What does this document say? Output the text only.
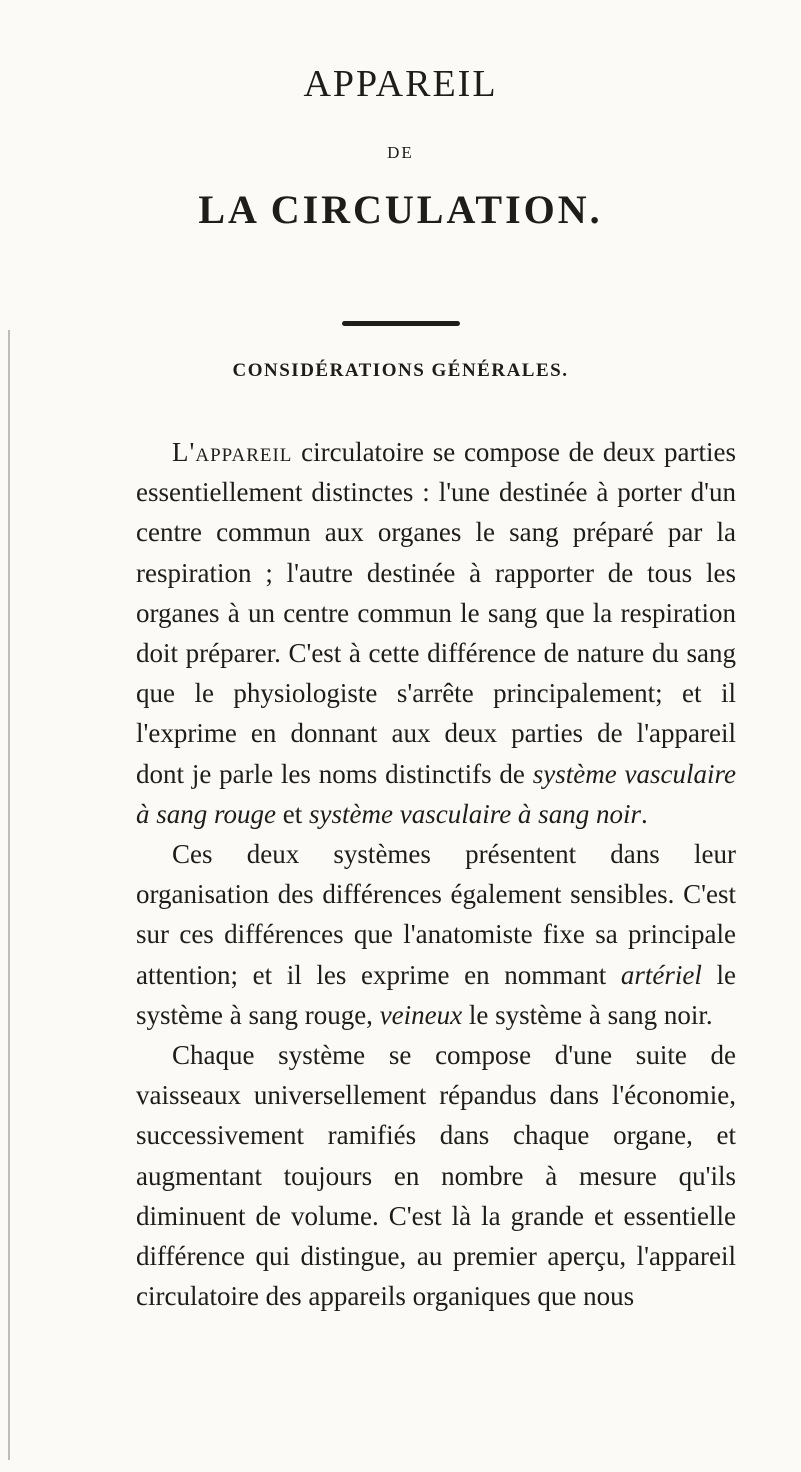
APPAREIL
DE
LA CIRCULATION.
CONSIDÉRATIONS GÉNÉRALES.

L'appareil circulatoire se compose de deux parties essentiellement distinctes : l'une destinée à porter d'un centre commun aux organes le sang préparé par la respiration ; l'autre destinée à rapporter de tous les organes à un centre commun le sang que la respiration doit préparer. C'est à cette différence de nature du sang que le physiologiste s'arrête principalement; et il l'exprime en donnant aux deux parties de l'appareil dont je parle les noms distinctifs de système vasculaire à sang rouge et système vasculaire à sang noir.

Ces deux systèmes présentent dans leur organisation des différences également sensibles. C'est sur ces différences que l'anatomiste fixe sa principale attention; et il les exprime en nommant artériel le système à sang rouge, veineux le système à sang noir.

Chaque système se compose d'une suite de vaisseaux universellement répandus dans l'économie, successivement ramifiés dans chaque organe, et augmentant toujours en nombre à mesure qu'ils diminuent de volume. C'est là la grande et essentielle différence qui distingue, au premier aperçu, l'appareil circulatoire des appareils organiques que nous
